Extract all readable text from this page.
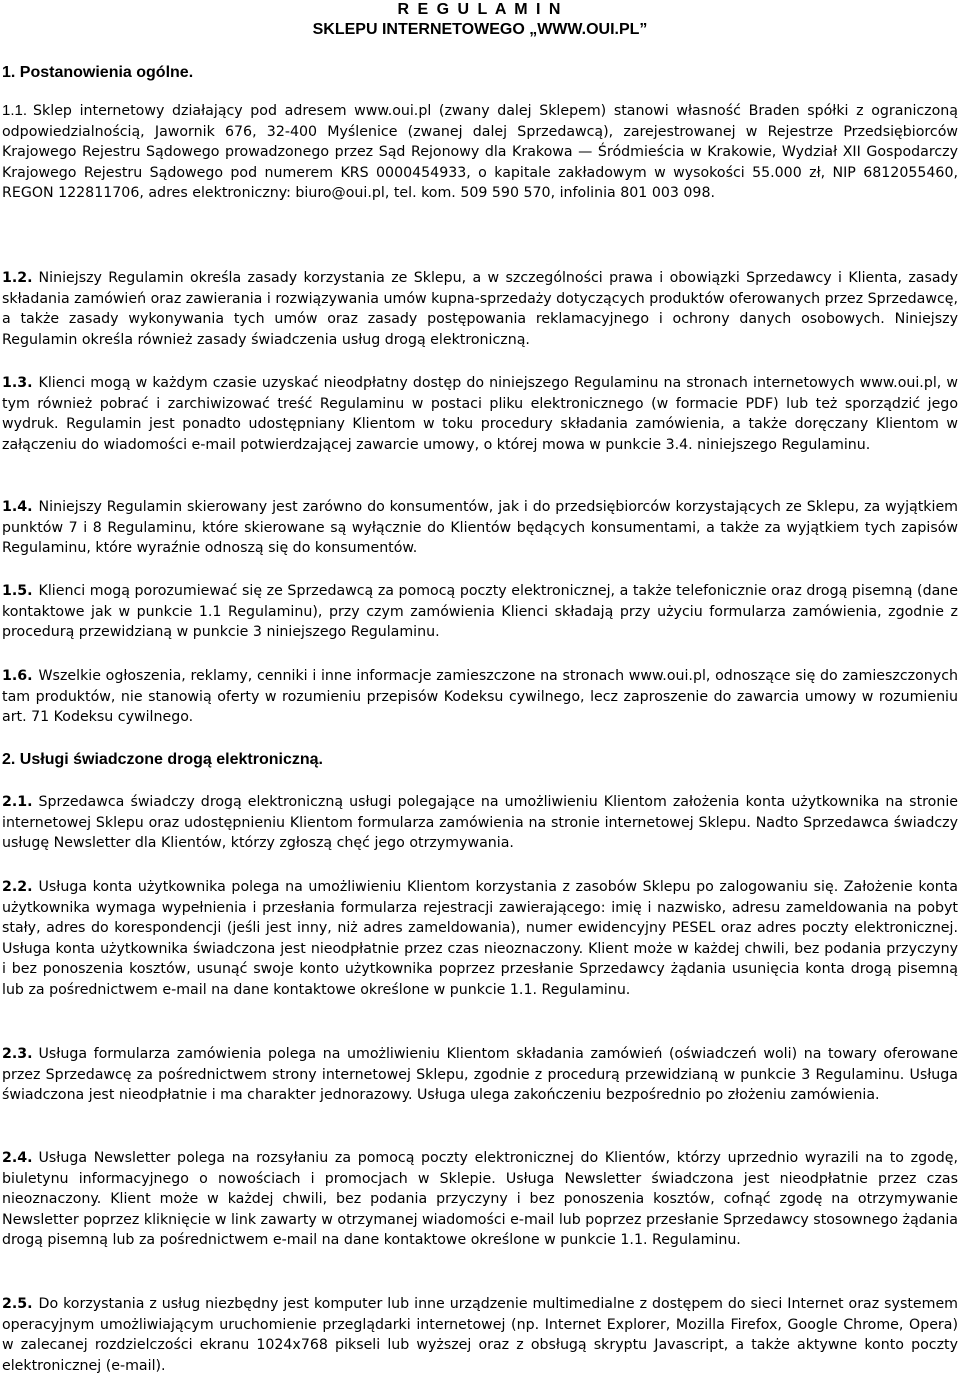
R E G U L A M I N
SKLEPU INTERNETOWEGO „WWW.OUI.PL”
1. Postanowienia ogólne.

1.1. Sklep internetowy działający pod adresem www.oui.pl (zwany dalej Sklepem) stanowi własność Braden spółki z ograniczoną odpowiedzialnością, Jawornik 676, 32-400 Myślenice (zwanej dalej Sprzedawcą), zarejestrowanej w Rejestrze Przedsiębiorców Krajowego Rejestru Sądowego prowadzonego przez Sąd Rejonowy dla Krakowa — Śródmieścia w Krakowie, Wydział XII Gospodarczy Krajowego Rejestru Sądowego pod numerem KRS 0000454933, o kapitale zakładowym w wysokości 55.000 zł, NIP 6812055460, REGON 122811706, adres elektroniczny: biuro@oui.pl, tel. kom. 509 590 570, infolinia 801 003 098.

1.2. Niniejszy Regulamin określa zasady korzystania ze Sklepu, a w szczególności prawa i obowiązki Sprzedawcy i Klienta, zasady składania zamówień oraz zawierania i rozwiązywania umów kupna-sprzedaży dotyczących produktów oferowanych przez Sprzedawcę, a także zasady wykonywania tych umów oraz zasady postępowania reklamacyjnego i ochrony danych osobowych. Niniejszy Regulamin określa również zasady świadczenia usług drogą elektroniczną.

1.3. Klienci mogą w każdym czasie uzyskać nieodpłatny dostęp do niniejszego Regulaminu na stronach internetowych www.oui.pl, w tym również pobrać i zarchiwizować treść Regulaminu w postaci pliku elektronicznego (w formacie PDF) lub też sporządzić jego wydruk. Regulamin jest ponadto udostępniany Klientom w toku procedury składania zamówienia, a także doręczany Klientom w załączeniu do wiadomości e-mail potwierdzającej zawarcie umowy, o której mowa w punkcie 3.4. niniejszego Regulaminu.

1.4. Niniejszy Regulamin skierowany jest zarówno do konsumentów, jak i do przedsiębiorców korzystających ze Sklepu, za wyjątkiem punktów 7 i 8 Regulaminu, które skierowane są wyłącznie do Klientów będących konsumentami, a także za wyjątkiem tych zapisów Regulaminu, które wyraźnie odnoszą się do konsumentów.

1.5. Klienci mogą porozumiewać się ze Sprzedawcą za pomocą poczty elektronicznej, a także telefonicznie oraz drogą pisemną (dane kontaktowe jak w punkcie 1.1 Regulaminu), przy czym zamówienia Klienci składają przy użyciu formularza zamówienia, zgodnie z procedurą przewidzianą w punkcie 3 niniejszego Regulaminu.

1.6. Wszelkie ogłoszenia, reklamy, cenniki i inne informacje zamieszczone na stronach www.oui.pl, odnoszące się do zamieszczonych tam produktów, nie stanowią oferty w rozumieniu przepisów Kodeksu cywilnego, lecz zaproszenie do zawarcia umowy w rozumieniu art. 71 Kodeksu cywilnego.

2. Usługi świadczone drogą elektroniczną.

2.1. Sprzedawca świadczy drogą elektroniczną usługi polegające na umożliwieniu Klientom założenia konta użytkownika na stronie internetowej Sklepu oraz udostępnieniu Klientom formularza zamówienia na stronie internetowej Sklepu. Nadto Sprzedawca świadczy usługę Newsletter dla Klientów, którzy zgłoszą chęć jego otrzymywania.

2.2. Usługa konta użytkownika polega na umożliwieniu Klientom korzystania z zasobów Sklepu po zalogowaniu się. Założenie konta użytkownika wymaga wypełnienia i przesłania formularza rejestracji zawierającego: imię i nazwisko, adresu zameldowania na pobyt stały, adres do korespondencji (jeśli jest inny, niż adres zameldowania), numer ewidencyjny PESEL oraz adres poczty elektronicznej. Usługa konta użytkownika świadczona jest nieodpłatnie przez czas nieoznaczony. Klient może w każdej chwili, bez podania przyczyny i bez ponoszenia kosztów, usunąć swoje konto użytkownika poprzez przesłanie Sprzedawcy żądania usunięcia konta drogą pisemną lub za pośrednictwem e-mail na dane kontaktowe określone w punkcie 1.1. Regulaminu.

2.3. Usługa formularza zamówienia polega na umożliwieniu Klientom składania zamówień (oświadczeń woli) na towary oferowane przez Sprzedawcę za pośrednictwem strony internetowej Sklepu, zgodnie z procedurą przewidzianą w punkcie 3 Regulaminu. Usługa świadczona jest nieodpłatnie i ma charakter jednorazowy. Usługa ulega zakończeniu bezpośrednio po złożeniu zamówienia.

2.4. Usługa Newsletter polega na rozsyłaniu za pomocą poczty elektronicznej do Klientów, którzy uprzednio wyrazili na to zgodę, biuletynu informacyjnego o nowościach i promocjach w Sklepie. Usługa Newsletter świadczona jest nieodpłatnie przez czas nieoznaczony. Klient może w każdej chwili, bez podania przyczyny i bez ponoszenia kosztów, cofnąć zgodę na otrzymywanie Newsletter poprzez kliknięcie w link zawarty w otrzymanej wiadomości e-mail lub poprzez przesłanie Sprzedawcy stosownego żądania drogą pisemną lub za pośrednictwem e-mail na dane kontaktowe określone w punkcie 1.1. Regulaminu.

2.5. Do korzystania z usług niezbędny jest komputer lub inne urządzenie multimedialne z dostępem do sieci Internet oraz systemem operacyjnym umożliwiającym uruchomienie przeglądarki internetowej (np. Internet Explorer, Mozilla Firefox, Google Chrome, Opera) w zalecanej rozdzielczości ekranu 1024x768 pikseli lub wyższej oraz z obsługą skryptu Javascript, a także aktywne konto poczty elektronicznej (e-mail).
